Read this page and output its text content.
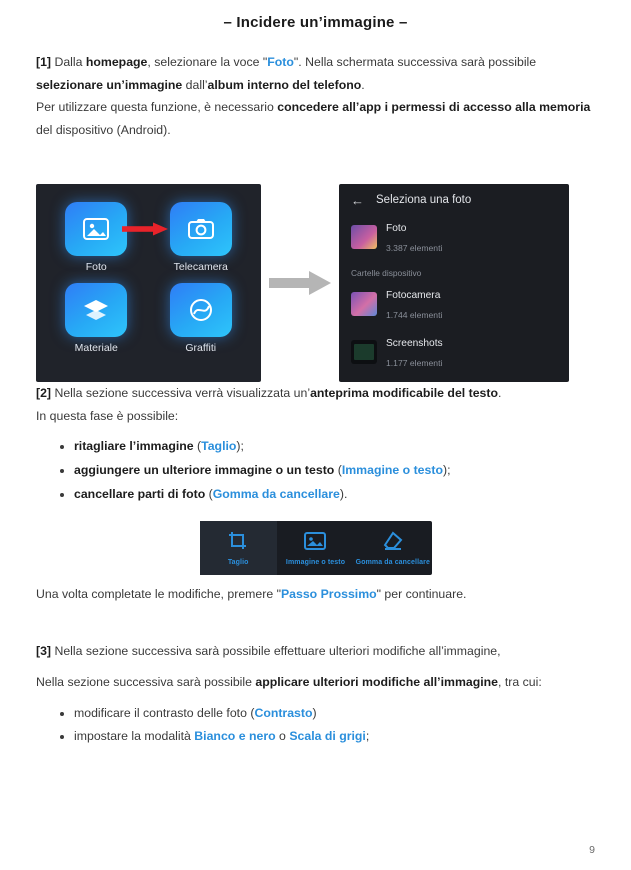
– Incidere un’immagine –

[1] Dalla homepage, selezionare la voce "Foto". Nella schermata successiva sarà possibile selezionare un’immagine dall’album interno del telefono.

Per utilizzare questa funzione, è necessario concedere all’app i permessi di accesso alla memoria del dispositivo (Android).

Foto	Telecamera
Materiale	Graffiti
← Seleziona una foto
Foto
3.387 elementi
Cartelle dispositivo
Fotocamera
1.744 elementi
Screenshots
1.177 elementi

[2] Nella sezione successiva verrà visualizzata un’anteprima modificabile del testo.

In questa fase è possibile:

• ritagliare l’immagine (Taglio);
• aggiungere un ulteriore immagine o un testo (Immagine o testo);
• cancellare parti di foto (Gomma da cancellare).
Taglio	Immagine o testo Gomma da cancellare

Una volta completate le modifiche, premere "Passo Prossimo" per continuare.

[3] Nella sezione successiva sarà possibile effettuare ulteriori modifiche all’immagine,

Nella sezione successiva sarà possibile applicare ulteriori modifiche all’immagine, tra cui:

• modificare il contrasto delle foto (Contrasto)
• impostare la modalità Bianco e nero o Scala di grigi;
9
